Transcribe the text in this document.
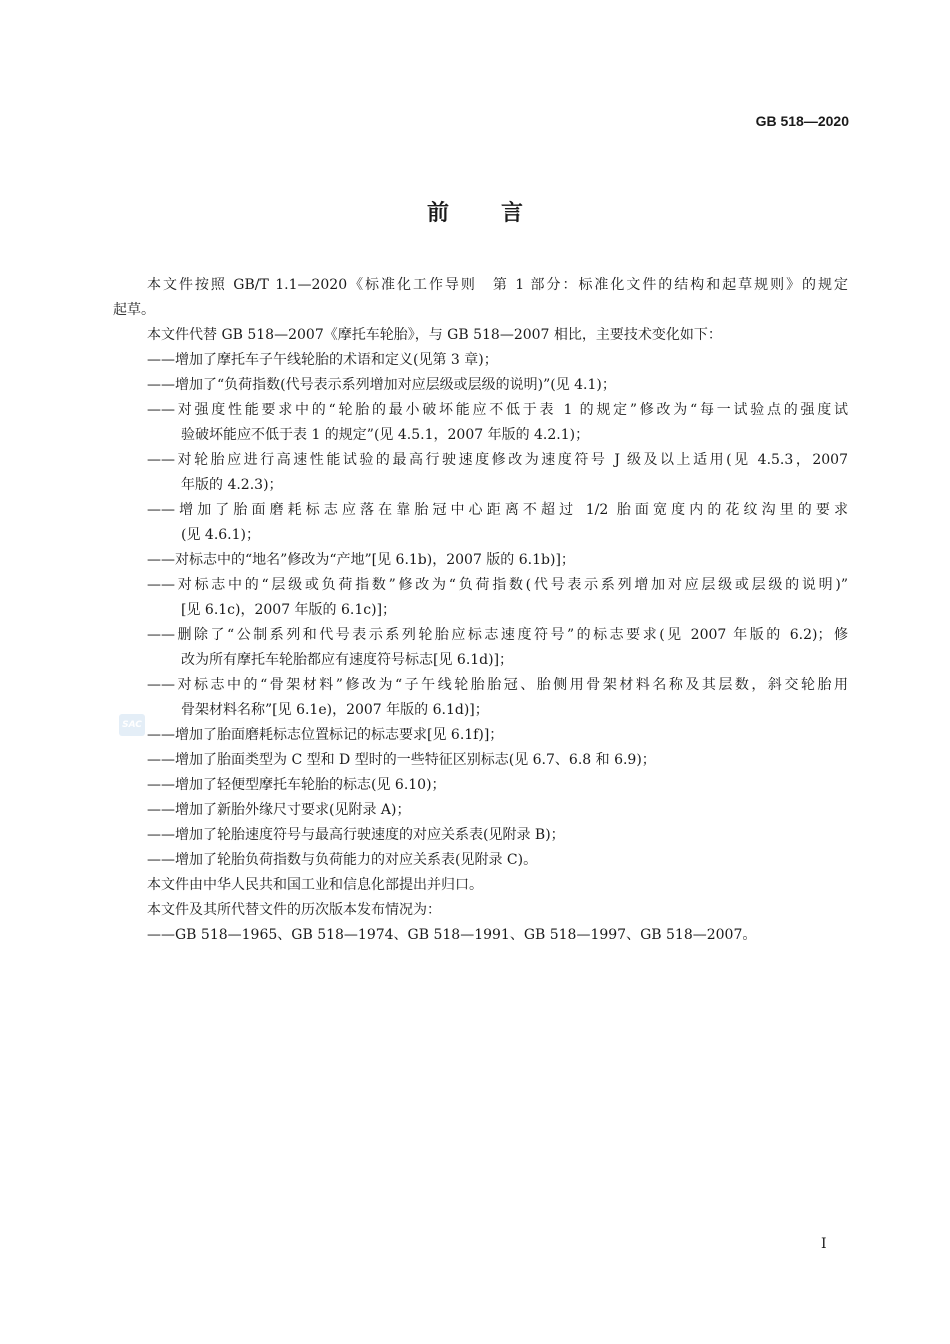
GB 518—2020
前言
本文件按照 GB/T 1.1—2020《标准化工作导则　第 1 部分：标准化文件的结构和起草规则》的规定
起草。
本文件代替 GB 518—2007《摩托车轮胎》，与 GB 518—2007 相比，主要技术变化如下：
——增加了摩托车子午线轮胎的术语和定义(见第 3 章)；
——增加了“负荷指数(代号表示系列增加对应层级或层级的说明)”(见 4.1)；
——对强度性能要求中的“轮胎的最小破坏能应不低于表 1 的规定”修改为“每一试验点的强度试
验破坏能应不低于表 1 的规定”(见 4.5.1，2007 年版的 4.2.1)；
——对轮胎应进行高速性能试验的最高行驶速度修改为速度符号 J 级及以上适用(见 4.5.3，2007
年版的 4.2.3)；
——增加了胎面磨耗标志应落在靠胎冠中心距离不超过 1/2 胎面宽度内的花纹沟里的要求
(见 4.6.1)；
——对标志中的“地名”修改为“产地”[见 6.1b)，2007 版的 6.1b)]；
——对标志中的“层级或负荷指数”修改为“负荷指数(代号表示系列增加对应层级或层级的说明)”
[见 6.1c)，2007 年版的 6.1c)]；
——删除了“公制系列和代号表示系列轮胎应标志速度符号”的标志要求(见 2007 年版的 6.2)；修
改为所有摩托车轮胎都应有速度符号标志[见 6.1d)]；
——对标志中的“骨架材料”修改为“子午线轮胎胎冠、胎侧用骨架材料名称及其层数，斜交轮胎用
骨架材料名称”[见 6.1e)，2007 年版的 6.1d)]；
——增加了胎面磨耗标志位置标记的标志要求[见 6.1f)]；
——增加了胎面类型为 C 型和 D 型时的一些特征区别标志(见 6.7、6.8 和 6.9)；
——增加了轻便型摩托车轮胎的标志(见 6.10)；
——增加了新胎外缘尺寸要求(见附录 A)；
——增加了轮胎速度符号与最高行驶速度的对应关系表(见附录 B)；
——增加了轮胎负荷指数与负荷能力的对应关系表(见附录 C)。
本文件由中华人民共和国工业和信息化部提出并归口。
本文件及其所代替文件的历次版本发布情况为：
——GB 518—1965、GB 518—1974、GB 518—1991、GB 518—1997、GB 518—2007。
SAC
I
